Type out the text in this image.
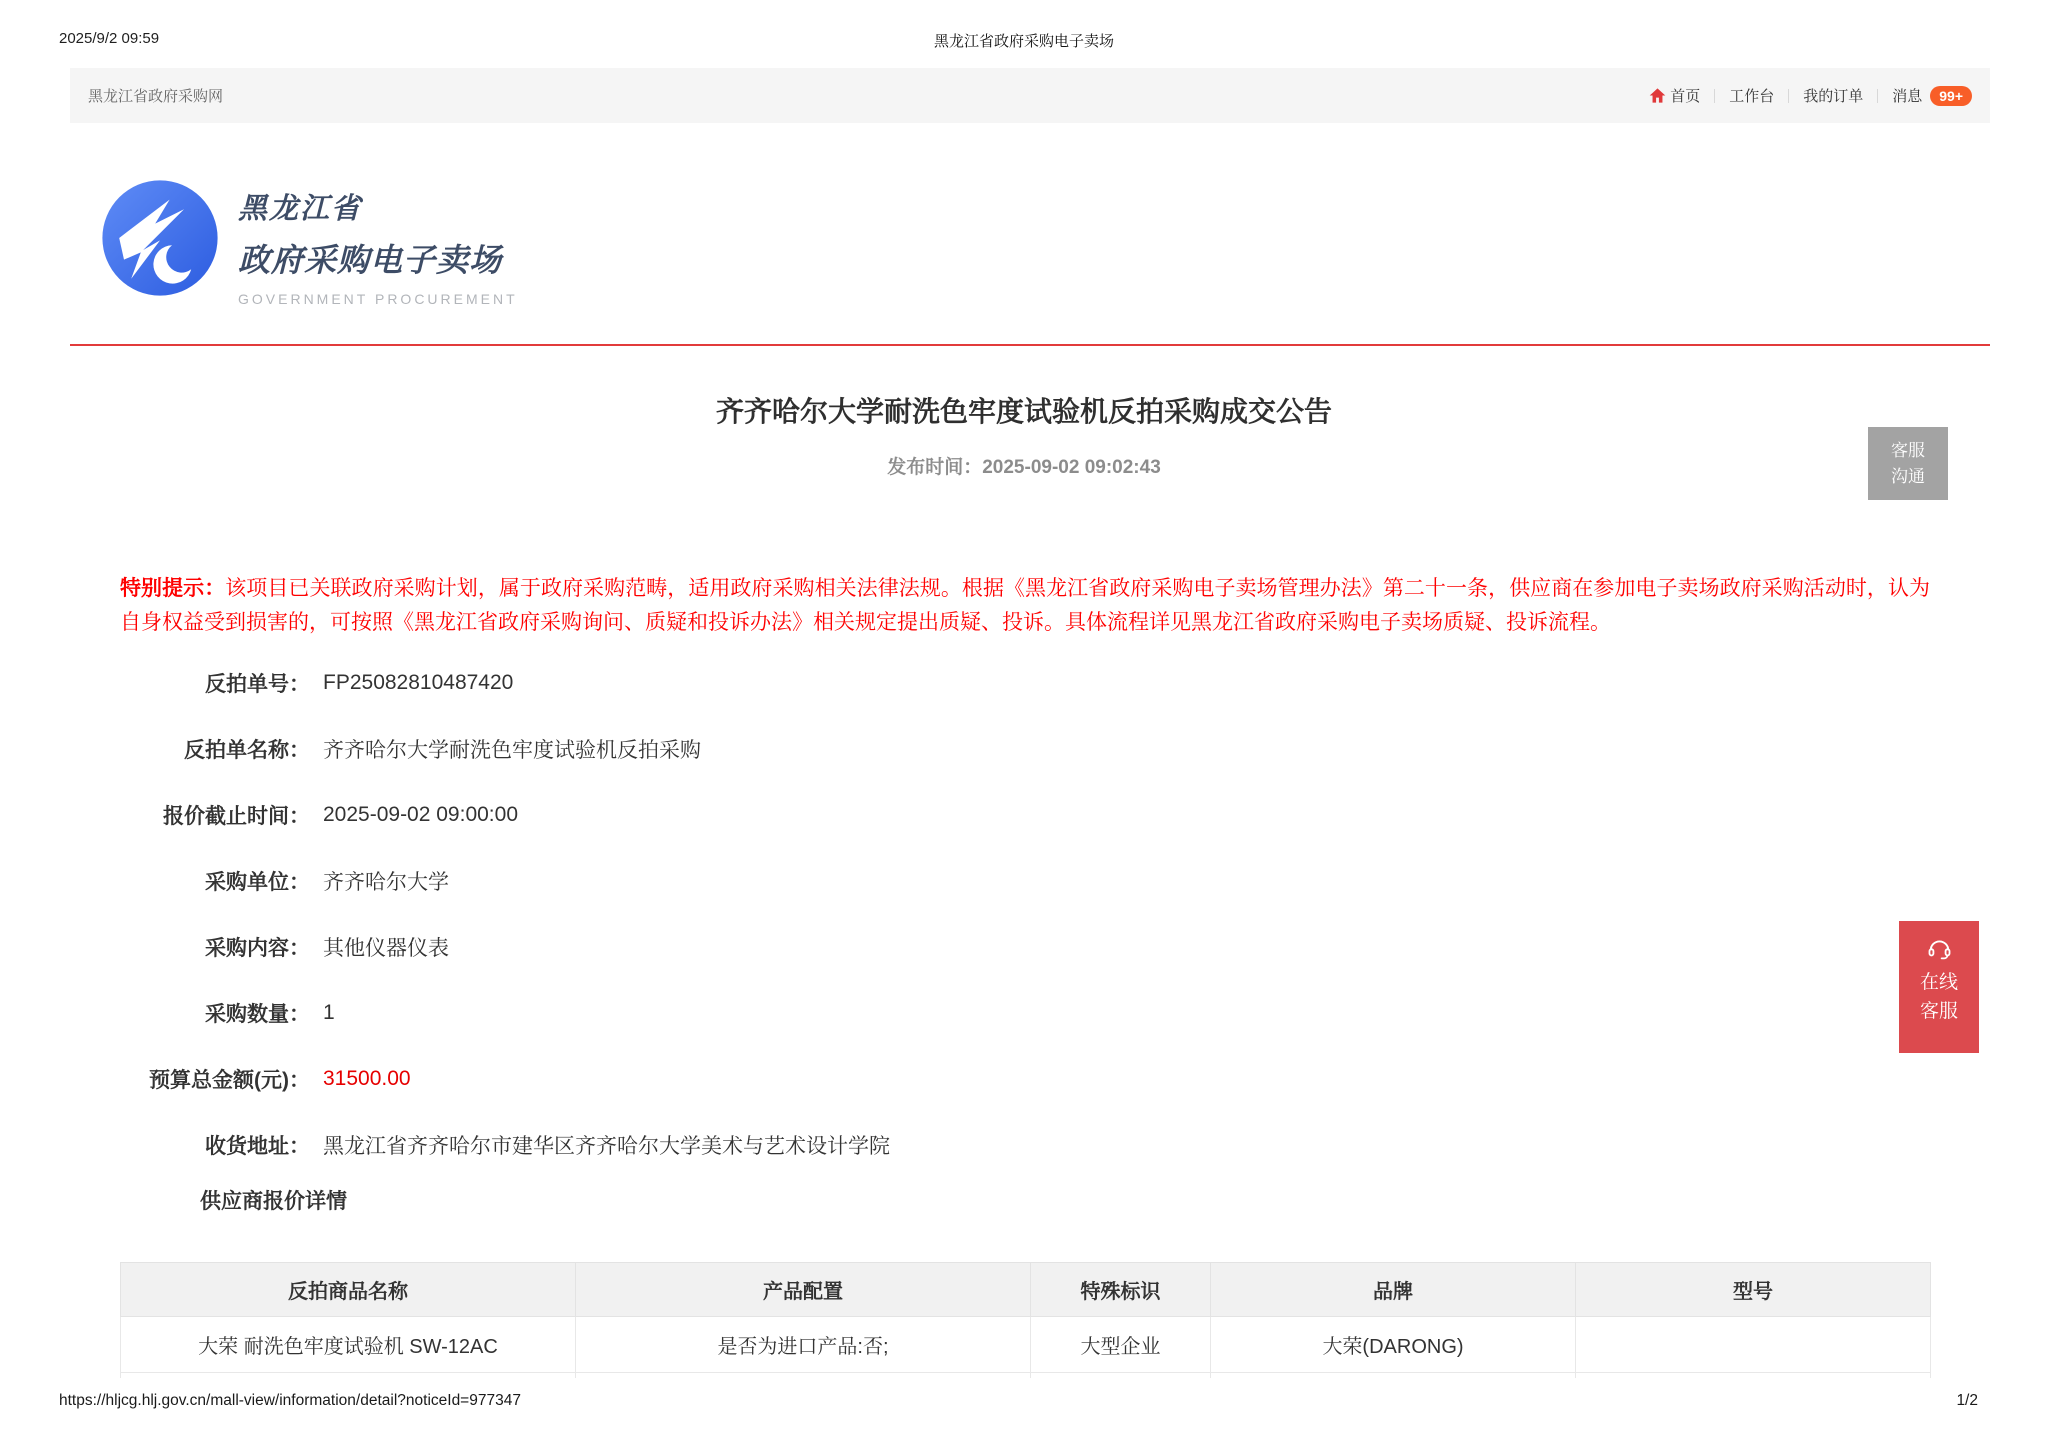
2025/9/2 09:59	黑龙江省政府采购电子卖场
黑龙江省政府采购网	首页 工作台 我的订单 消息	99+
黑龙江省
政府采购电子卖场
GOVERNMENT PROCUREMENT
齐齐哈尔大学耐洗色牢度试验机反拍采购成交公告
发布时间：2025-09-02 09:02:43
客服
沟通

特别提示：该项目已关联政府采购计划，属于政府采购范畴，适用政府采购相关法律法规。根据《黑龙江省政府采购电子卖场管理办法》第二十一条，供应商在参加电子卖场政府采购活动时，认为自身权益受到损害的，可按照《黑龙江省政府采购询问、质疑和投诉办法》相关规定提出质疑、投诉。具体流程详见黑龙江省政府采购电子卖场质疑、投诉流程。

反拍单号： FP25082810487420
反拍单名称： 齐齐哈尔大学耐洗色牢度试验机反拍采购
报价截止时间： 2025-09-02 09:00:00
采购单位： 齐齐哈尔大学
采购内容： 其他仪器仪表
采购数量： 1
预算总金额(元)： 31500.00
收货地址： 黑龙江省齐齐哈尔市建华区齐齐哈尔大学美术与艺术设计学院
供应商报价详情
反拍商品名称	产品配置	特殊标识	品牌	型号
大荣 耐洗色牢度试验机 SW-12AC	是否为进口产品:否;	大型企业	大荣(DARONG)	

在线
客服
https://hljcg.hlj.gov.cn/mall-view/information/detail?noticeId=977347	1/2
